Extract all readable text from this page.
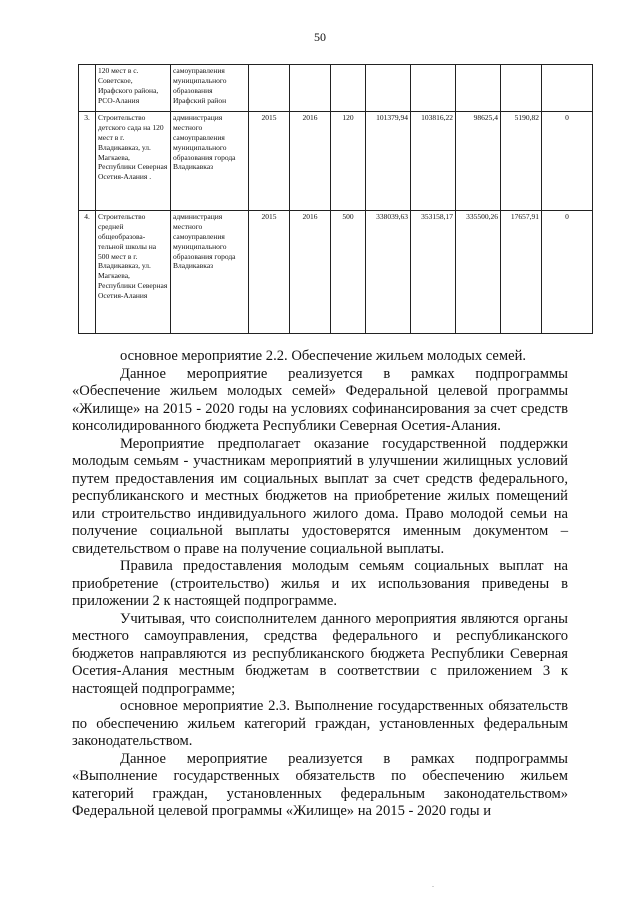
50
	120 мест в с. Советское, Ирафского района, РСО-Алания	самоуправления муниципального образования Ирафский район								
3.	Строительство детского сада на 120 мест в г. Владикавказ, ул. Магкаева, Республики Северная Осетия-Алания .	администрация местного самоуправления муниципального образования города Владикавказ	2015	2016	120	101379,94	103816,22	98625,4	5190,82	0
4.	Строительство средней общеобразова-тельной школы на 500 мест в г. Владикавказ, ул. Магкаева, Республики Северная Осетия-Алания	администрация местного самоуправления муниципального образования города Владикавказ	2015	2016	500	338039,63	353158,17	335500,26	17657,91	0

основное мероприятие 2.2. Обеспечение жильем молодых семей.

Данное мероприятие реализуется в рамках подпрограммы «Обеспечение жильем молодых семей» Федеральной целевой программы «Жилище» на 2015 - 2020 годы на условиях софинансирования за счет средств консолидированного бюджета Республики Северная Осетия-Алания.

Мероприятие предполагает оказание государственной поддержки молодым семьям - участникам мероприятий в улучшении жилищных условий путем предоставления им социальных выплат за счет средств федерального, республиканского и местных бюджетов на приобретение жилых помещений или строительство индивидуального жилого дома. Право молодой семьи на получение социальной выплаты удостоверятся именным документом – свидетельством о праве на получение социальной выплаты.

Правила предоставления молодым семьям социальных выплат на приобретение (строительство) жилья и их использования приведены в приложении 2 к настоящей подпрограмме.

Учитывая, что соисполнителем данного мероприятия являются органы местного самоуправления, средства федерального и республиканского бюджетов направляются из республиканского бюджета Республики Северная Осетия-Алания местным бюджетам в соответствии с приложением 3 к настоящей подпрограмме;

основное мероприятие 2.3. Выполнение государственных обязательств по обеспечению жильем категорий граждан, установленных федеральным законодательством.

Данное мероприятие реализуется в рамках подпрограммы «Выполнение государственных обязательств по обеспечению жильем категорий граждан, установленных федеральным законодательством» Федеральной целевой программы «Жилище» на 2015 - 2020 годы и

.
